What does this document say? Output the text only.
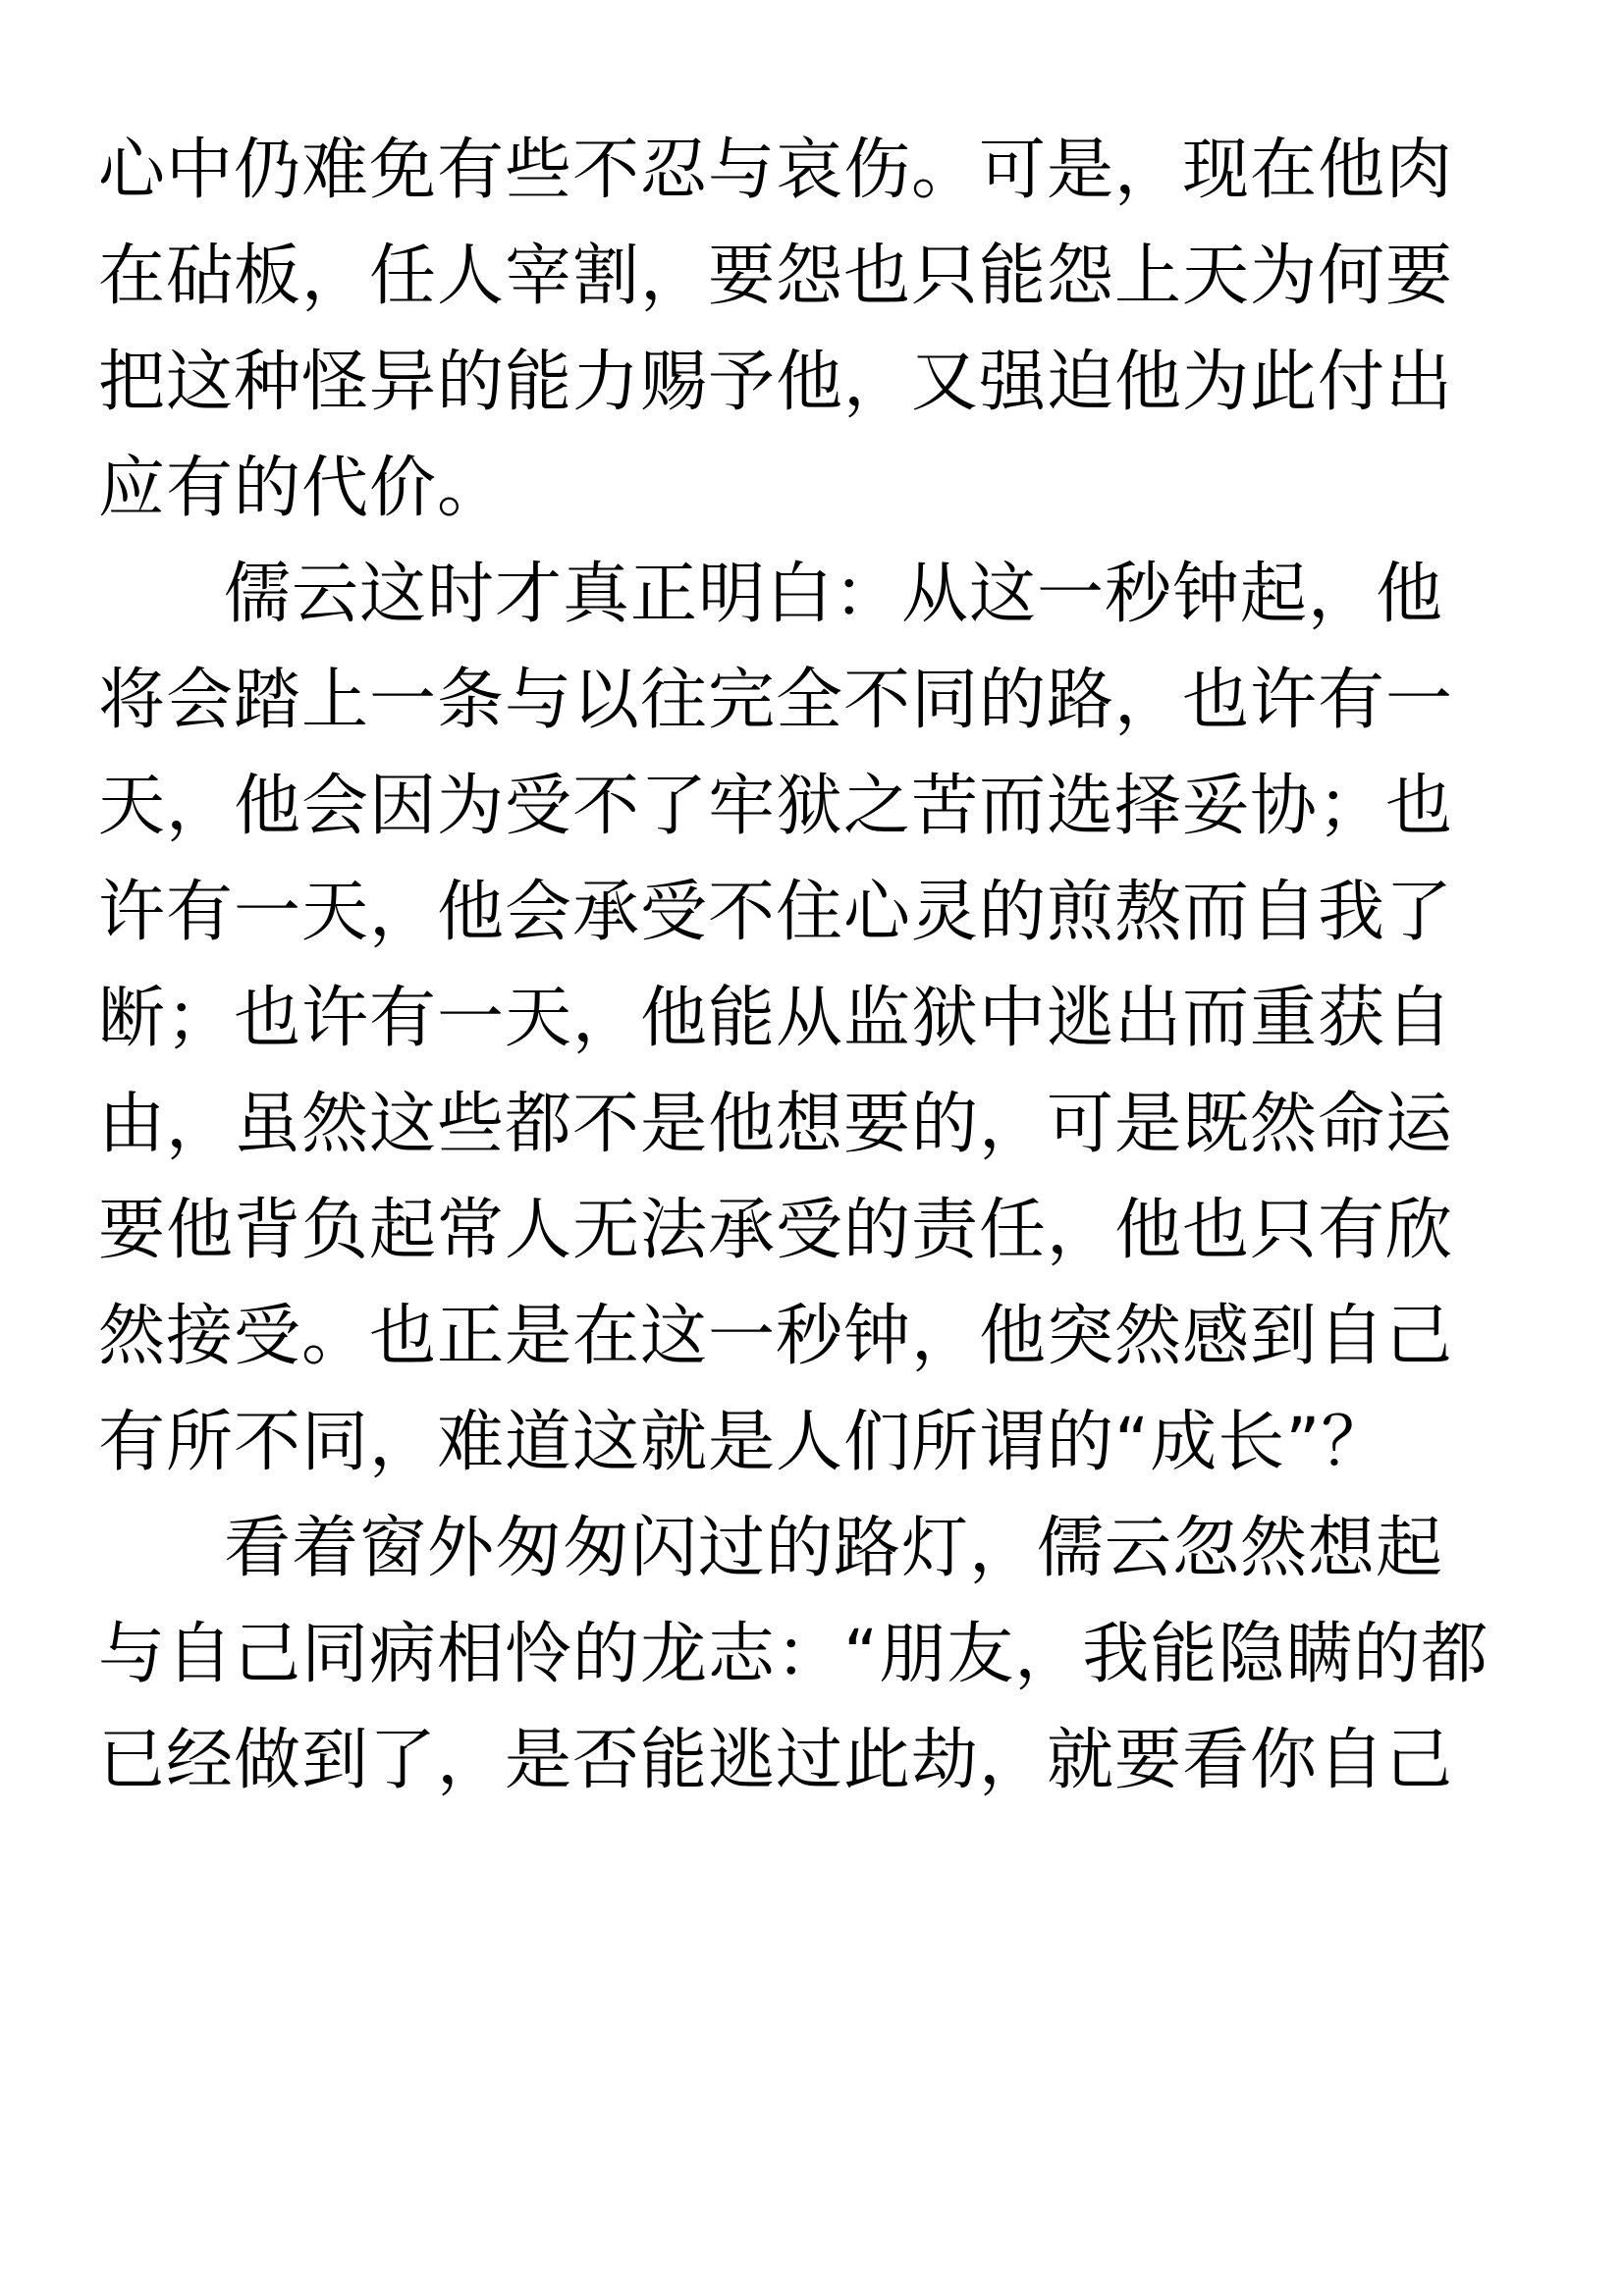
心中仍难免有些不忍与哀伤。可是，现在他肉
在砧板，任人宰割，要怨也只能怨上天为何要
把这种怪异的能力赐予他，又强迫他为此付出
应有的代价。
儒云这时才真正明白：从这一秒钟起，他
将会踏上一条与以往完全不同的路，也许有一
天，他会因为受不了牢狱之苦而选择妥协；也
许有一天，他会承受不住心灵的煎熬而自我了
断；也许有一天，他能从监狱中逃出而重获自
由，虽然这些都不是他想要的，可是既然命运
要他背负起常人无法承受的责任，他也只有欣
然接受。也正是在这一秒钟，他突然感到自己
有所不同，难道这就是人们所谓的“成长”？
看着窗外匆匆闪过的路灯，儒云忽然想起
与自己同病相怜的龙志：“朋友，我能隐瞒的都
已经做到了，是否能逃过此劫，就要看你自己
